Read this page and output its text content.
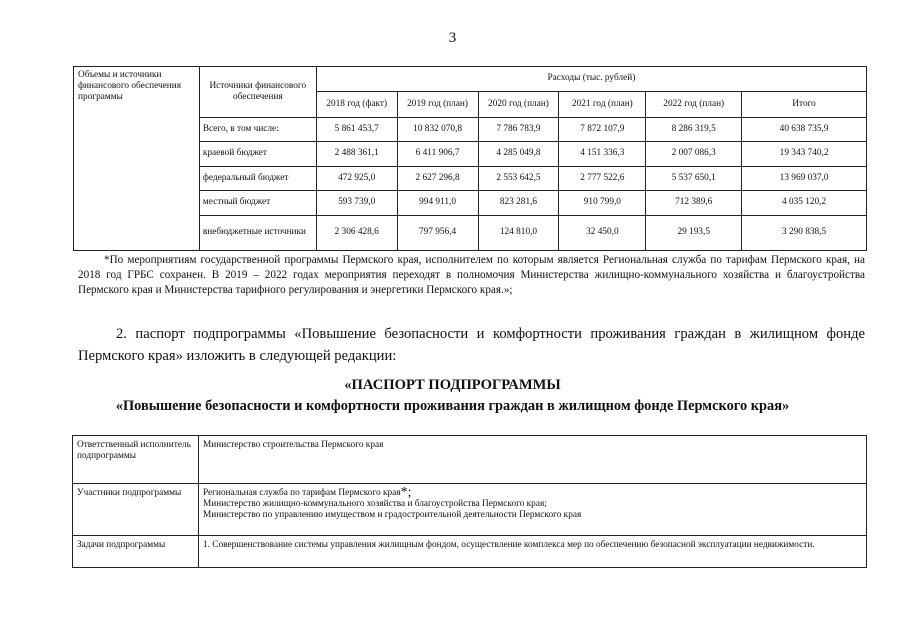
3
Объемы и источники финансового обеспечения программы	Источники финансового обеспечения	Расходы (тыс. рублей)					
		2018 год (факт)	2019 год (план)	2020 год (план)	2021 год (план)	2022 год (план)	Итого
	Всего, в том числе:	5 861 453,7	10 832 070,8	7 786 783,9	7 872 107,9	8 286 319,5	40 638 735,9
	краевой бюджет	2 488 361,1	6 411 906,7	4 285 049,8	4 151 336,3	2 007 086,3	19 343 740,2
	федеральный бюджет	472 925,0	2 627 296,8	2 553 642,5	2 777 522,6	5 537 650,1	13 969 037,0
	местный бюджет	593 739,0	994 911,0	823 281,6	910 799,0	712 389,6	4 035 120,2
	внебюджетные источники	2 306 428,6	797 956,4	124 810,0	32 450,0	29 193,5	3 290 838,5
*По мероприятиям государственной программы Пермского края, исполнителем по которым является Региональная служба по тарифам Пермского края, на 2018 год ГРБС сохранен. В 2019 – 2022 годах мероприятия переходят в полномочия Министерства жилищно-коммунального хозяйства и благоустройства Пермского края и Министерства тарифного регулирования и энергетики Пермского края.»;
2. паспорт подпрограммы «Повышение безопасности и комфортности проживания граждан в жилищном фонде Пермского края» изложить в следующей редакции:
«ПАСПОРТ ПОДПРОГРАММЫ
«Повышение безопасности и комфортности проживания граждан в жилищном фонде Пермского края»
Ответственный исполнитель подпрограммы	Министерство строительства Пермского края
Участники подпрограммы	Региональная служба по тарифам Пермского края*;
Министерство жилищно-коммунального хозяйства и благоустройства Пермского края;
Министерство по управлению имуществом и градостроительной деятельности Пермского края

Задачи подпрограммы	1. Совершенствование системы управления жилищным фондом, осуществление комплекса мер по обеспечению безопасной эксплуатации недвижимости.
